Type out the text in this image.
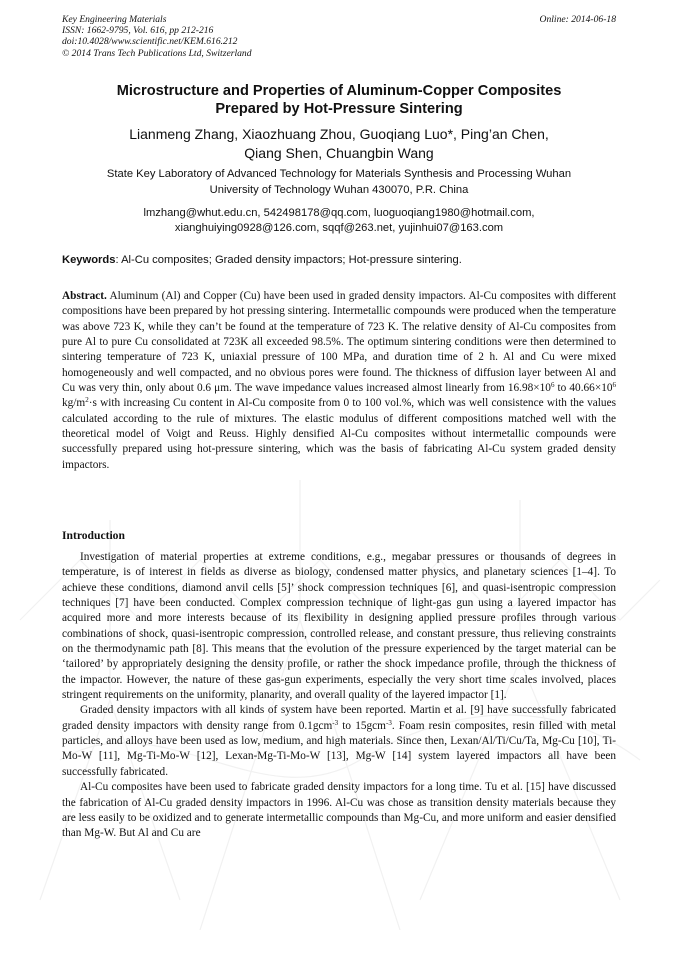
Key Engineering Materials
ISSN: 1662-9795, Vol. 616, pp 212-216
doi:10.4028/www.scientific.net/KEM.616.212
© 2014 Trans Tech Publications Ltd, Switzerland
Online: 2014-06-18
Microstructure and Properties of Aluminum-Copper Composites
Prepared by Hot-Pressure Sintering
Lianmeng Zhang, Xiaozhuang Zhou, Guoqiang Luo*, Ping’an Chen,
Qiang Shen, Chuangbin Wang
State Key Laboratory of Advanced Technology for Materials Synthesis and Processing Wuhan
University of Technology Wuhan 430070, P.R. China
lmzhang@whut.edu.cn, 542498178@qq.com, luoguoqiang1980@hotmail.com,
xianghuiying0928@126.com, sqqf@263.net, yujinhui07@163.com
Keywords: Al-Cu composites; Graded density impactors; Hot-pressure sintering.
Abstract. Aluminum (Al) and Copper (Cu) have been used in graded density impactors. Al-Cu composites with different compositions have been prepared by hot pressing sintering. Intermetallic compounds were produced when the temperature was above 723 K, while they can’t be found at the temperature of 723 K. The relative density of Al-Cu composites from pure Al to pure Cu consolidated at 723K all exceeded 98.5%. The optimum sintering conditions were then determined to sintering temperature of 723 K, uniaxial pressure of 100 MPa, and duration time of 2 h. Al and Cu were mixed homogeneously and well compacted, and no obvious pores were found. The thickness of diffusion layer between Al and Cu was very thin, only about 0.6 μm. The wave impedance values increased almost linearly from $16.98\times 10^6$ to $40.66\times 10^6$ $kg/m^2\cdot s$ with increasing Cu content in Al-Cu composite from 0 to 100 vol.%, which was well consistence with the values calculated according to the rule of mixtures. The elastic modulus of different compositions matched well with the theoretical model of Voigt and Reuss. Highly densified Al-Cu composites without intermetallic compounds were successfully prepared using hot-pressure sintering, which was the basis of fabricating Al-Cu system graded density impactors.
Introduction

Investigation of material properties at extreme conditions, e.g., megabar pressures or thousands of degrees in temperature, is of interest in fields as diverse as biology, condensed matter physics, and planetary sciences [1–4]. To achieve these conditions, diamond anvil cells [5]’ shock compression techniques [6], and quasi-isentropic compression techniques [7] have been conducted. Complex compression technique of light-gas gun using a layered impactor has acquired more and more interests because of its flexibility in designing applied pressure profiles through various combinations of shock, quasi-isentropic compression, controlled release, and constant pressure, thus relieving constraints on the thermodynamic path [8]. This means that the evolution of the pressure experienced by the target material can be ‘tailored’ by appropriately designing the density profile, or rather the shock impedance profile, through the thickness of the impactor. However, the nature of these gas-gun experiments, especially the very short time scales involved, places stringent requirements on the uniformity, planarity, and overall quality of the layered impactor [1].

Graded density impactors with all kinds of system have been reported. Martin et al. [9] have successfully fabricated graded density impactors with density range from 0.1gcm$^{-3}$ to 15gcm$^{-3}$. Foam resin composites, resin filled with metal particles, and alloys have been used as low, medium, and high materials. Since then, Lexan/Al/Ti/Cu/Ta, Mg-Cu [10], Ti-Mo-W [11], Mg-Ti-Mo-W [12], Lexan-Mg-Ti-Mo-W [13], Mg-W [14] system layered impactors all have been successfully fabricated.

Al-Cu composites have been used to fabricate graded density impactors for a long time. Tu et al. [15] have discussed the fabrication of Al-Cu graded density impactors in 1996. Al-Cu was chose as transition density materials because they are less easily to be oxidized and to generate intermetallic compounds than Mg-Cu, and more uniform and easier densified than Mg-W. But Al and Cu are
